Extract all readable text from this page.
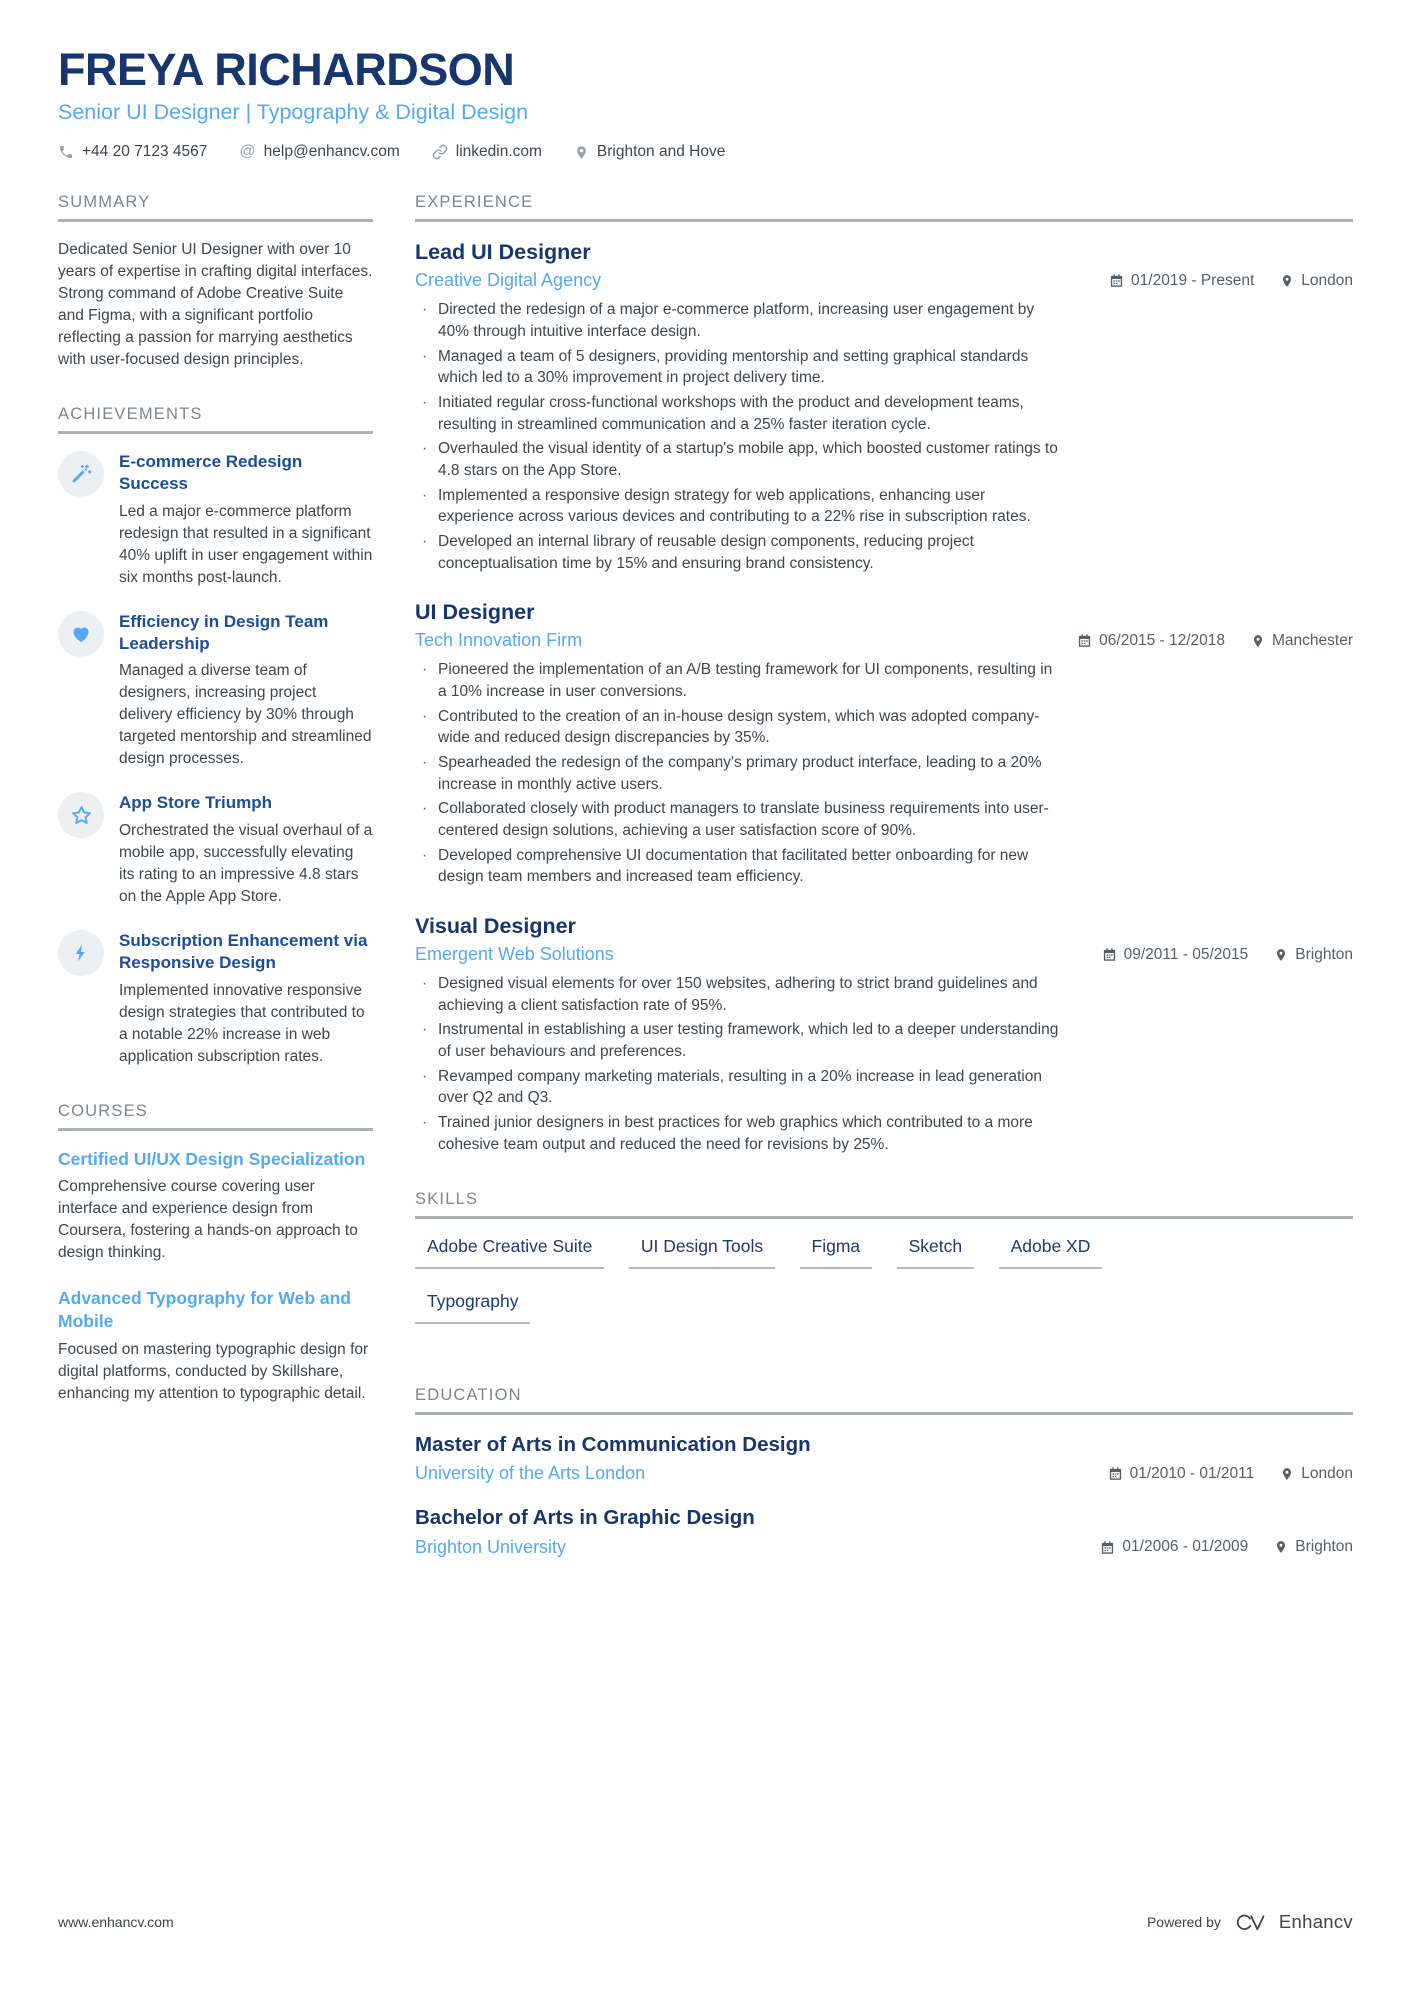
FREYA RICHARDSON
Senior UI Designer | Typography & Digital Design
+44 20 7123 4567 @ help@enhancv.com	linkedin.com	Brighton and Hove
SUMMARY
Dedicated Senior UI Designer with over 10 years of expertise in crafting digital interfaces. Strong command of Adobe Creative Suite and Figma, with a significant portfolio reflecting a passion for marrying aesthetics with user-focused design principles.
ACHIEVEMENTS
E-commerce Redesign Success
Led a major e-commerce platform redesign that resulted in a significant 40% uplift in user engagement within six months post-launch.
Efficiency in Design Team Leadership
Managed a diverse team of designers, increasing project delivery efficiency by 30% through targeted mentorship and streamlined design processes.
App Store Triumph
Orchestrated the visual overhaul of a mobile app, successfully elevating its rating to an impressive 4.8 stars on the Apple App Store.
Subscription Enhancement via Responsive Design
Implemented innovative responsive design strategies that contributed to a notable 22% increase in web application subscription rates.
COURSES
Certified UI/UX Design Specialization
Comprehensive course covering user interface and experience design from Coursera, fostering a hands-on approach to design thinking.
Advanced Typography for Web and Mobile
Focused on mastering typographic design for digital platforms, conducted by Skillshare, enhancing my attention to typographic detail.
EXPERIENCE
Lead UI Designer
Creative Digital Agency	01/2019 - Present	London
· Directed the redesign of a major e-commerce platform, increasing user engagement by 40% through intuitive interface design.
· Managed a team of 5 designers, providing mentorship and setting graphical standards which led to a 30% improvement in project delivery time.
· Initiated regular cross-functional workshops with the product and development teams, resulting in streamlined communication and a 25% faster iteration cycle.
· Overhauled the visual identity of a startup's mobile app, which boosted customer ratings to 4.8 stars on the App Store.
· Implemented a responsive design strategy for web applications, enhancing user experience across various devices and contributing to a 22% rise in subscription rates.
· Developed an internal library of reusable design components, reducing project conceptualisation time by 15% and ensuring brand consistency.
UI Designer
Tech Innovation Firm	06/2015 - 12/2018	Manchester
· Pioneered the implementation of an A/B testing framework for UI components, resulting in a 10% increase in user conversions.
· Contributed to the creation of an in-house design system, which was adopted company-wide and reduced design discrepancies by 35%.
· Spearheaded the redesign of the company's primary product interface, leading to a 20% increase in monthly active users.
· Collaborated closely with product managers to translate business requirements into user-centered design solutions, achieving a user satisfaction score of 90%.
· Developed comprehensive UI documentation that facilitated better onboarding for new design team members and increased team efficiency.
Visual Designer
Emergent Web Solutions	09/2011 - 05/2015	Brighton
· Designed visual elements for over 150 websites, adhering to strict brand guidelines and achieving a client satisfaction rate of 95%.
· Instrumental in establishing a user testing framework, which led to a deeper understanding of user behaviours and preferences.
· Revamped company marketing materials, resulting in a 20% increase in lead generation over Q2 and Q3.
· Trained junior designers in best practices for web graphics which contributed to a more cohesive team output and reduced the need for revisions by 25%.
SKILLS
Adobe Creative Suite	UI Design Tools	Figma	Sketch	Adobe XD
Typography
EDUCATION
Master of Arts in Communication Design
University of the Arts London	01/2010 - 01/2011	London
Bachelor of Arts in Graphic Design
Brighton University	01/2006 - 01/2009	Brighton
www.enhancv.com	Powered by	Enhancv
